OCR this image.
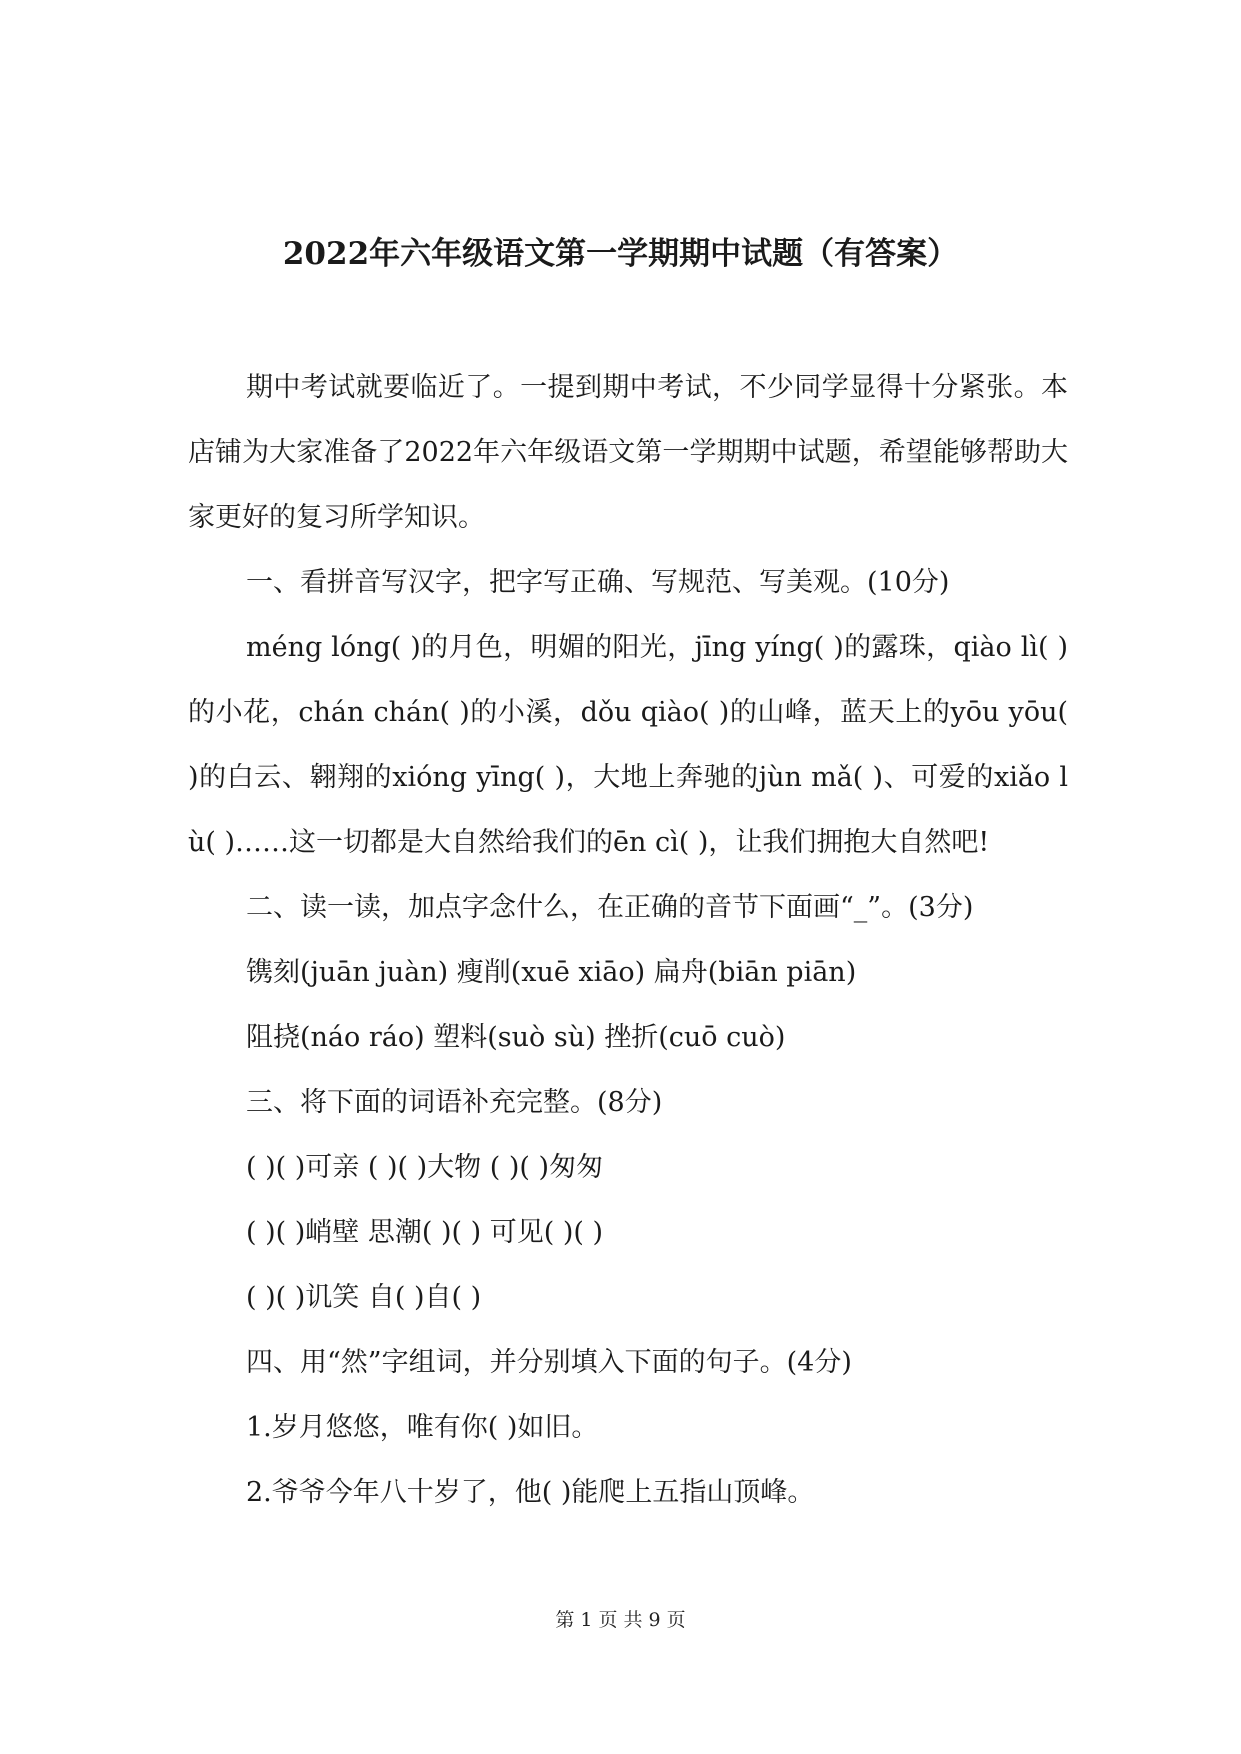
2022年六年级语文第一学期期中试题（有答案）

期中考试就要临近了。一提到期中考试，不少同学显得十分紧张。本店铺为大家准备了2022年六年级语文第一学期期中试题，希望能够帮助大家更好的复习所学知识。

一、看拼音写汉字，把字写正确、写规范、写美观。(10分)

méng lóng( )的月色，明媚的阳光，jīng yíng( )的露珠，qiào lì( )的小花，chán chán( )的小溪，dǒu qiào( )的山峰，蓝天上的yōu yōu( )的白云、翱翔的xióng yīng( )，大地上奔驰的jùn mǎ( )、可爱的xiǎo lù( )……这一切都是大自然给我们的ēn cì( )，让我们拥抱大自然吧!

二、读一读，加点字念什么，在正确的音节下面画“_”。(3分)

镌刻(juān juàn) 瘦削(xuē xiāo) 扁舟(biān piān)

阻挠(náo ráo) 塑料(suò sù) 挫折(cuō cuò)

三、将下面的词语补充完整。(8分)

( )( )可亲 ( )( )大物 ( )( )匆匆

( )( )峭壁 思潮( )( ) 可见( )( )

( )( )讥笑 自( )自( )

四、用“然”字组词，并分别填入下面的句子。(4分)

1.岁月悠悠，唯有你( )如旧。

2.爷爷今年八十岁了，他( )能爬上五指山顶峰。

第 1 页 共 9 页
